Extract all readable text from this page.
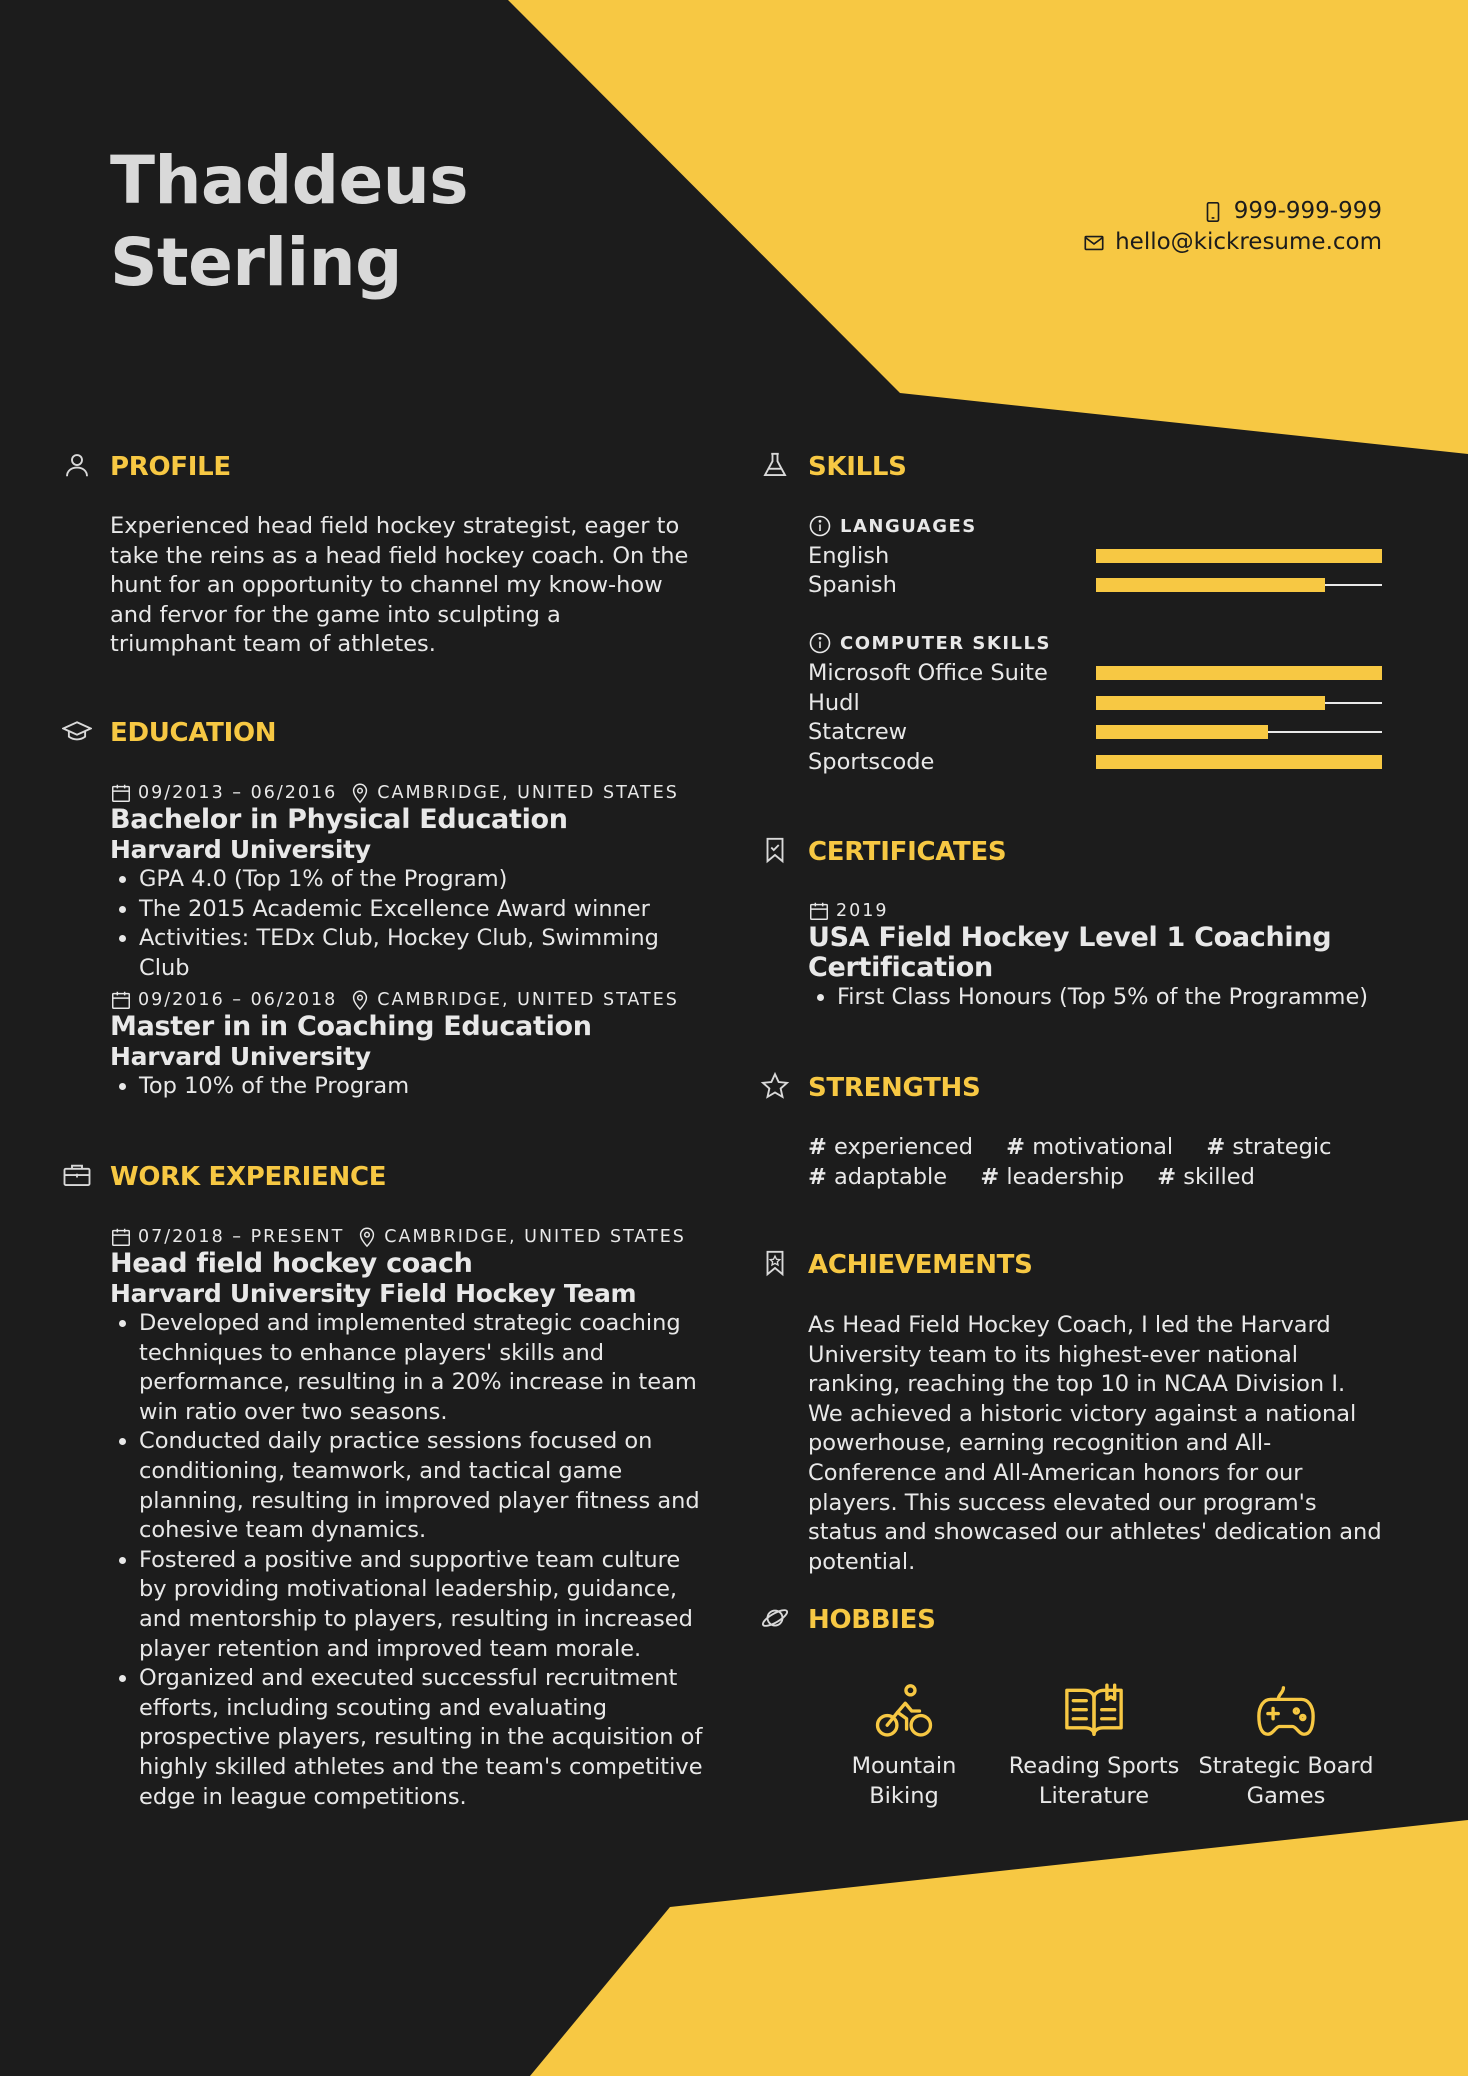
Thaddeus
Sterling
999-999-999
hello@kickresume.com
PROFILE
Experienced head field hockey strategist, eager to take the reins as a head field hockey coach. On the hunt for an opportunity to channel my know-how and fervor for the game into sculpting a triumphant team of athletes.
EDUCATION
09/2013 – 06/2016 CAMBRIDGE, UNITED STATES
Bachelor in Physical Education
Harvard University
• GPA 4.0 (Top 1% of the Program)
• The 2015 Academic Excellence Award winner
• Activities: TEDx Club, Hockey Club, Swimming Club
09/2016 – 06/2018 CAMBRIDGE, UNITED STATES
Master in in Coaching Education
Harvard University
• Top 10% of the Program
WORK EXPERIENCE
07/2018 – PRESENT CAMBRIDGE, UNITED STATES
Head field hockey coach
Harvard University Field Hockey Team
• Developed and implemented strategic coaching techniques to enhance players' skills and performance, resulting in a 20% increase in team win ratio over two seasons.
• Conducted daily practice sessions focused on conditioning, teamwork, and tactical game planning, resulting in improved player fitness and cohesive team dynamics.
• Fostered a positive and supportive team culture by providing motivational leadership, guidance, and mentorship to players, resulting in increased player retention and improved team morale.
• Organized and executed successful recruitment efforts, including scouting and evaluating prospective players, resulting in the acquisition of highly skilled athletes and the team's competitive edge in league competitions.
SKILLS
LANGUAGES
English
Spanish
COMPUTER SKILLS
Microsoft Office Suite
Hudl
Statcrew
Sportscode
CERTIFICATES
2019
USA Field Hockey Level 1 Coaching
Certification
• First Class Honours (Top 5% of the Programme)
STRENGTHS
# experienced # motivational # strategic
# adaptable # leadership # skilled
ACHIEVEMENTS
As Head Field Hockey Coach, I led the Harvard University team to its highest-ever national ranking, reaching the top 10 in NCAA Division I. We achieved a historic victory against a national powerhouse, earning recognition and All-Conference and All-American honors for our players. This success elevated our program's status and showcased our athletes' dedication and potential.
HOBBIES
Mountain
Biking
Reading Sports
Literature
Strategic Board
Games
